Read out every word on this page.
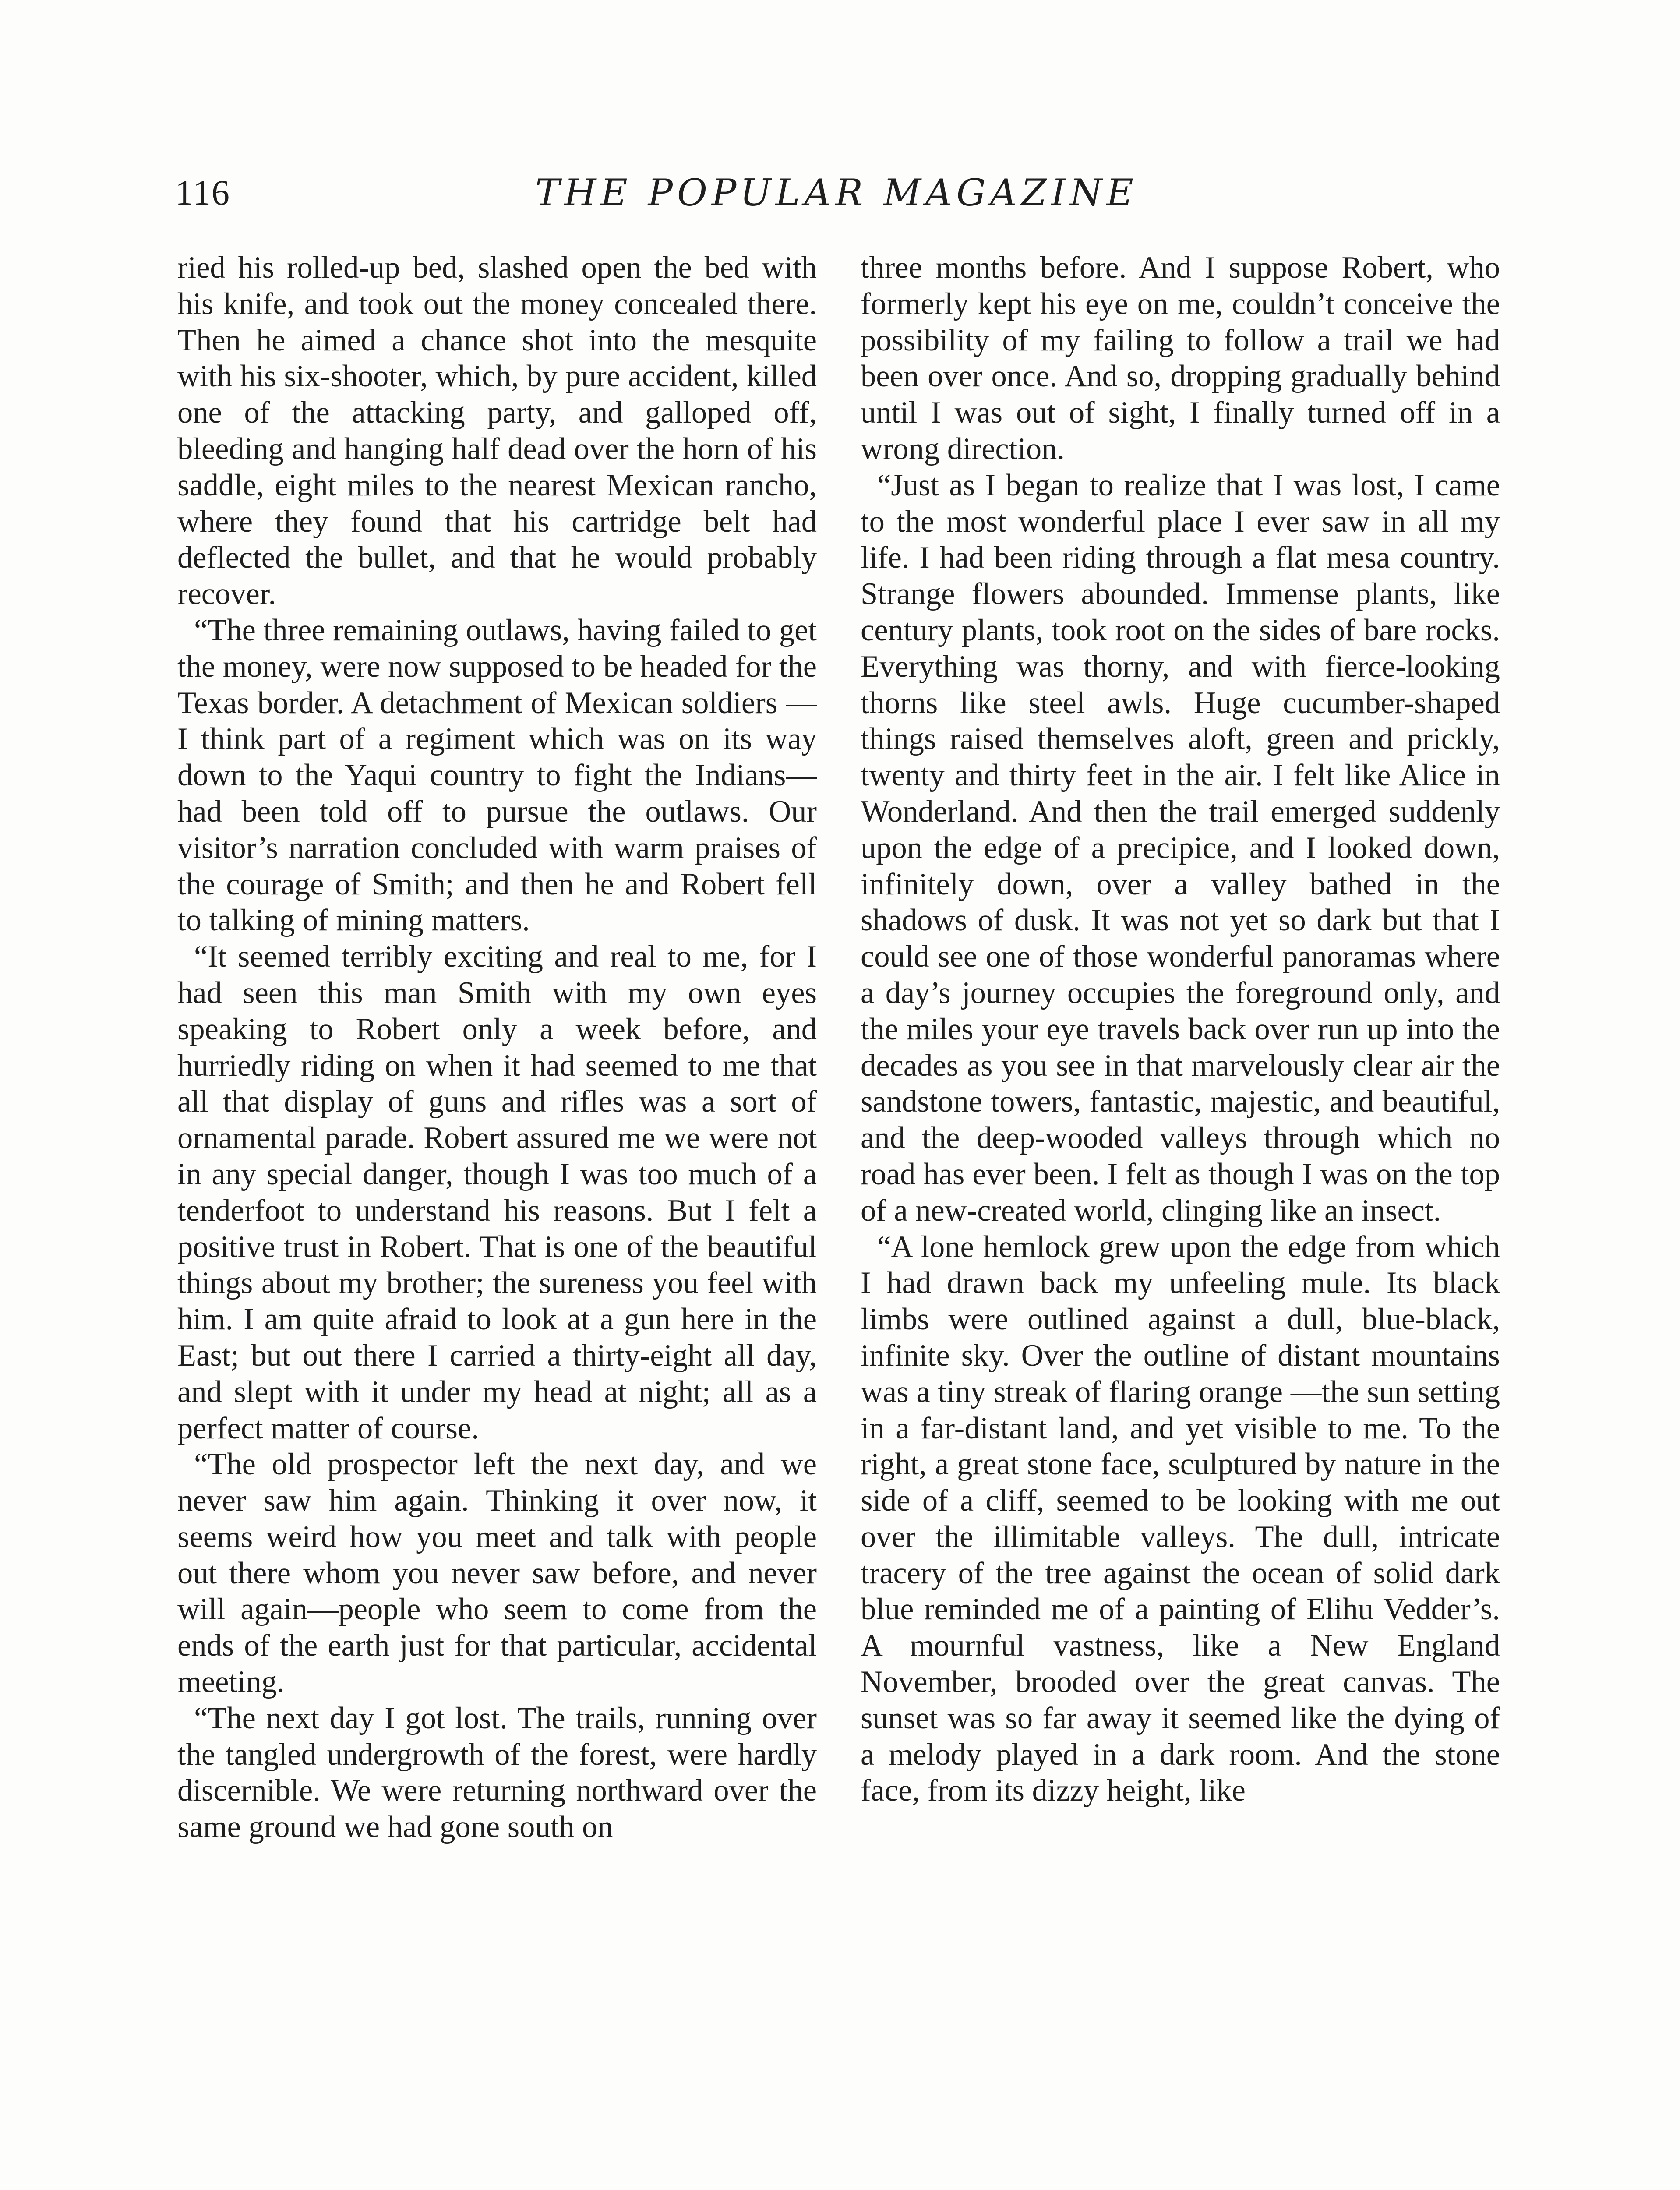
116	THE POPULAR MAGAZINE

ried his rolled-up bed, slashed open the bed with his knife, and took out the money concealed there. Then he aimed a chance shot into the mesquite with his six-shooter, which, by pure accident, killed one of the attacking party, and galloped off, bleeding and hanging half dead over the horn of his saddle, eight miles to the nearest Mexican rancho, where they found that his cartridge belt had deflected the bullet, and that he would probably recover.

“The three remaining outlaws, having failed to get the money, were now supposed to be headed for the Texas border. A detachment of Mexican soldiers —I think part of a regiment which was on its way down to the Yaqui country to fight the Indians—had been told off to pursue the outlaws. Our visitor’s narration concluded with warm praises of the courage of Smith; and then he and Robert fell to talking of mining matters.

“It seemed terribly exciting and real to me, for I had seen this man Smith with my own eyes speaking to Robert only a week before, and hurriedly riding on when it had seemed to me that all that display of guns and rifles was a sort of ornamental parade. Robert assured me we were not in any special danger, though I was too much of a tenderfoot to understand his reasons. But I felt a positive trust in Robert. That is one of the beautiful things about my brother; the sureness you feel with him. I am quite afraid to look at a gun here in the East; but out there I carried a thirty-eight all day, and slept with it under my head at night; all as a perfect matter of course.

“The old prospector left the next day, and we never saw him again. Thinking it over now, it seems weird how you meet and talk with people out there whom you never saw before, and never will again—people who seem to come from the ends of the earth just for that particular, accidental meeting.

“The next day I got lost. The trails, running over the tangled undergrowth of the forest, were hardly discernible. We were returning northward over the same ground we had gone south on

three months before. And I suppose Robert, who formerly kept his eye on me, couldn’t conceive the possibility of my failing to follow a trail we had been over once. And so, dropping gradually behind until I was out of sight, I finally turned off in a wrong direction.

“Just as I began to realize that I was lost, I came to the most wonderful place I ever saw in all my life. I had been riding through a flat mesa country. Strange flowers abounded. Immense plants, like century plants, took root on the sides of bare rocks. Everything was thorny, and with fierce-looking thorns like steel awls. Huge cucumber-shaped things raised themselves aloft, green and prickly, twenty and thirty feet in the air. I felt like Alice in Wonderland. And then the trail emerged suddenly upon the edge of a precipice, and I looked down, infinitely down, over a valley bathed in the shadows of dusk. It was not yet so dark but that I could see one of those wonderful panoramas where a day’s journey occupies the foreground only, and the miles your eye travels back over run up into the decades as you see in that marvelously clear air the sandstone towers, fantastic, majestic, and beautiful, and the deep-wooded valleys through which no road has ever been. I felt as though I was on the top of a new-created world, clinging like an insect.

“A lone hemlock grew upon the edge from which I had drawn back my unfeeling mule. Its black limbs were outlined against a dull, blue-black, infinite sky. Over the outline of distant mountains was a tiny streak of flaring orange —the sun setting in a far-distant land, and yet visible to me. To the right, a great stone face, sculptured by nature in the side of a cliff, seemed to be looking with me out over the illimitable valleys. The dull, intricate tracery of the tree against the ocean of solid dark blue reminded me of a painting of Elihu Vedder’s. A mournful vastness, like a New England November, brooded over the great canvas. The sunset was so far away it seemed like the dying of a melody played in a dark room. And the stone face, from its dizzy height, like
